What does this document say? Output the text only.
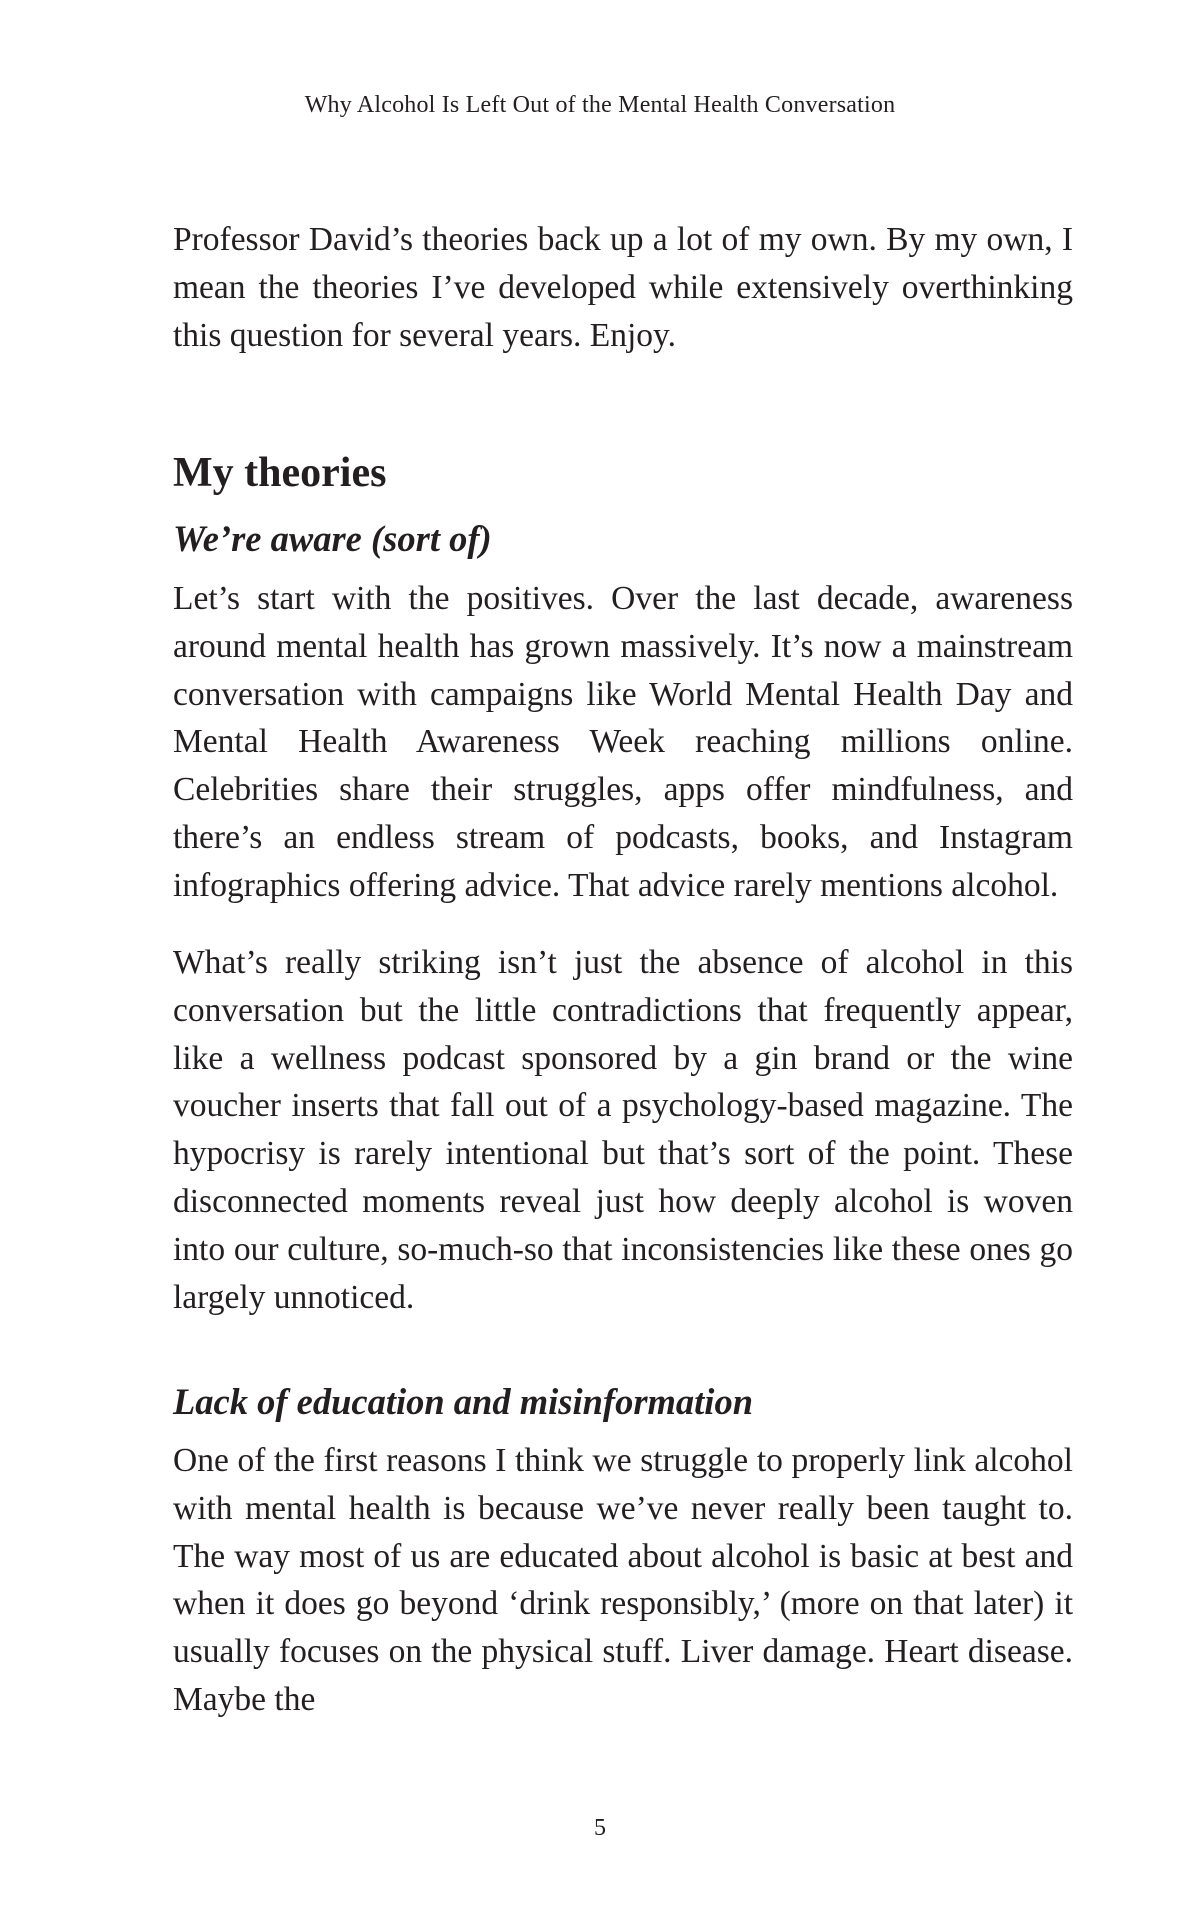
Why Alcohol Is Left Out of the Mental Health Conversation

Professor David’s theories back up a lot of my own. By my own, I mean the theories I’ve developed while extensively overthinking this question for several years. Enjoy.

My theories
We’re aware (sort of)

Let’s start with the positives. Over the last decade, awareness around mental health has grown massively. It’s now a mainstream conversation with campaigns like World Mental Health Day and Mental Health Awareness Week reaching millions online. Celebrities share their struggles, apps offer mindfulness, and there’s an endless stream of podcasts, books, and Instagram infographics offering advice. That advice rarely mentions alcohol.

What’s really striking isn’t just the absence of alcohol in this conversation but the little contradictions that frequently appear, like a wellness podcast sponsored by a gin brand or the wine voucher inserts that fall out of a psychology-based magazine. The hypocrisy is rarely intentional but that’s sort of the point. These disconnected moments reveal just how deeply alcohol is woven into our culture, so-much-so that inconsistencies like these ones go largely unnoticed.

Lack of education and misinformation

One of the first reasons I think we struggle to properly link alcohol with mental health is because we’ve never really been taught to. The way most of us are educated about alcohol is basic at best and when it does go beyond ‘drink responsibly,’ (more on that later) it usually focuses on the physical stuff. Liver damage. Heart disease. Maybe the

5
